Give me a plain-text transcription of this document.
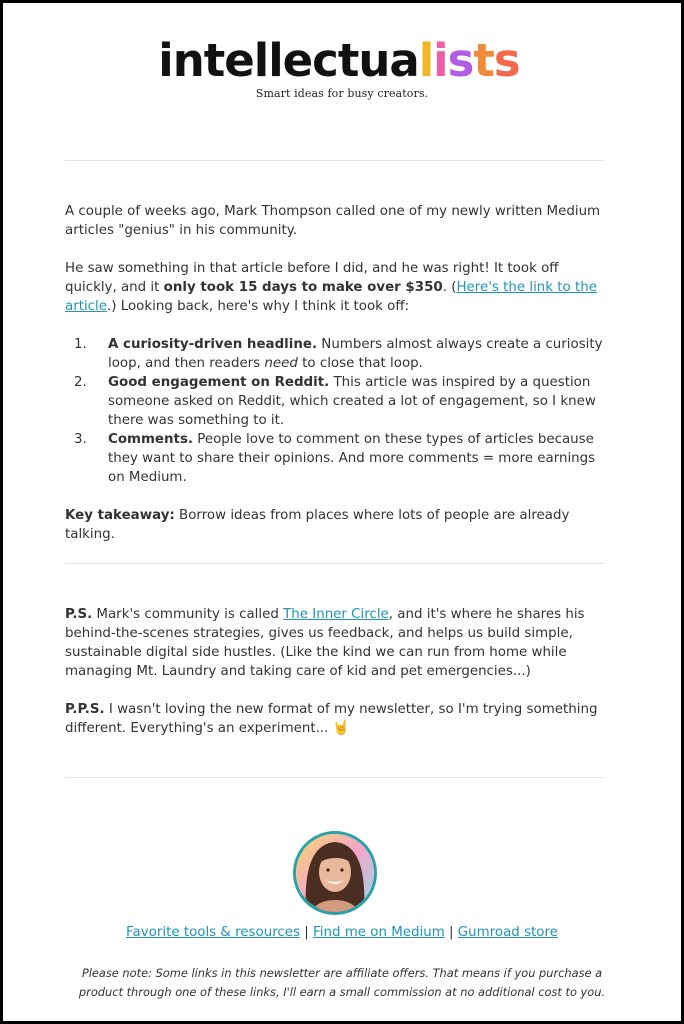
intellectualists
Smart ideas for busy creators.

A couple of weeks ago, Mark Thompson called one of my newly written Medium articles "genius" in his community.

He saw something in that article before I did, and he was right! It took off quickly, and it only took 15 days to make over $350. (Here's the link to the article.) Looking back, here's why I think it took off:

1. A curiosity-driven headline. Numbers almost always create a curiosity loop, and then readers need to close that loop.
2. Good engagement on Reddit. This article was inspired by a question someone asked on Reddit, which created a lot of engagement, so I knew there was something to it.
3. Comments. People love to comment on these types of articles because they want to share their opinions. And more comments = more earnings on Medium.

Key takeaway: Borrow ideas from places where lots of people are already talking.

P.S. Mark's community is called The Inner Circle, and it's where he shares his behind-the-scenes strategies, gives us feedback, and helps us build simple, sustainable digital side hustles. (Like the kind we can run from home while managing Mt. Laundry and taking care of kid and pet emergencies...)

P.P.S. I wasn't loving the new format of my newsletter, so I'm trying something different. Everything's an experiment... 🤘

Favorite tools & resources | Find me on Medium | Gumroad store
Please note: Some links in this newsletter are affiliate offers. That means if you purchase a product through one of these links, I'll earn a small commission at no additional cost to you.
